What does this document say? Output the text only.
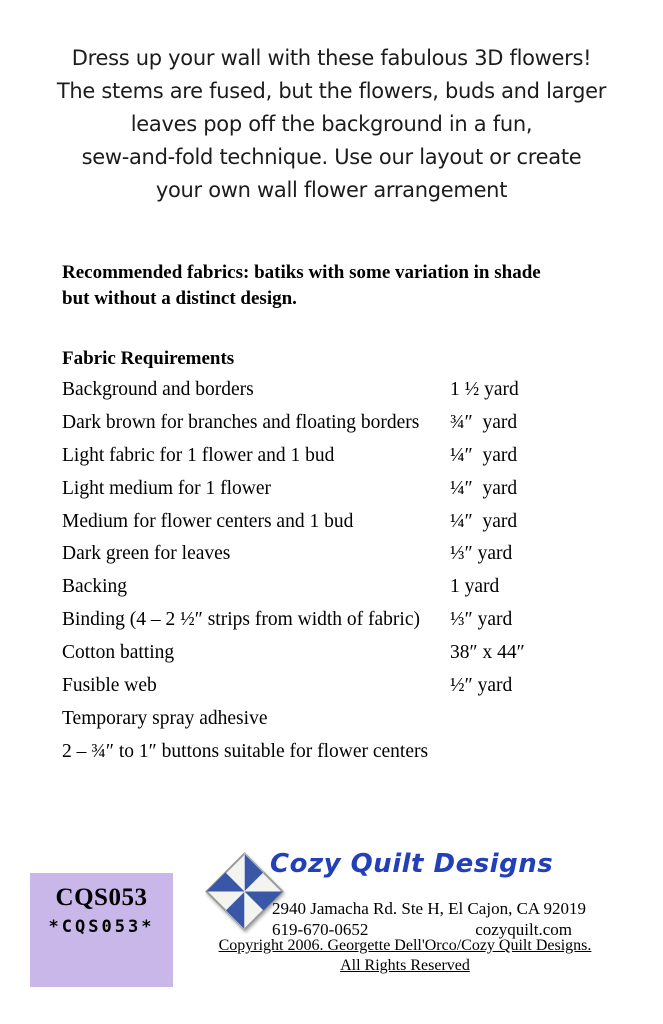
Dress up your wall with these fabulous 3D flowers!
The stems are fused, but the flowers, buds and larger
leaves pop off the background in a fun,
sew-and-fold technique. Use our layout or create
your own wall flower arrangement
Recommended fabrics: batiks with some variation in shade
but without a distinct design.
Fabric Requirements
Background and borders	1 ½ yard
Dark brown for branches and floating borders ¾″  yard
Light fabric for 1 flower and 1 bud	¼″  yard
Light medium for 1 flower	¼″  yard
Medium for flower centers and 1 bud	¼″  yard
Dark green for leaves	⅓″ yard
Backing	1 yard
Binding (4 – 2 ½″ strips from width of fabric) ⅓″ yard
Cotton batting	38″ x 44″
Fusible web	½″ yard
Temporary spray adhesive
2 – ¾″ to 1″ buttons suitable for flower centers
CQS053
*CQS053*
Cozy Quilt Designs
2940 Jamacha Rd. Ste H, El Cajon, CA 92019
619-670-0652	cozyquilt.com
Copyright 2006. Georgette Dell'Orco/Cozy Quilt Designs.
All Rights Reserved
